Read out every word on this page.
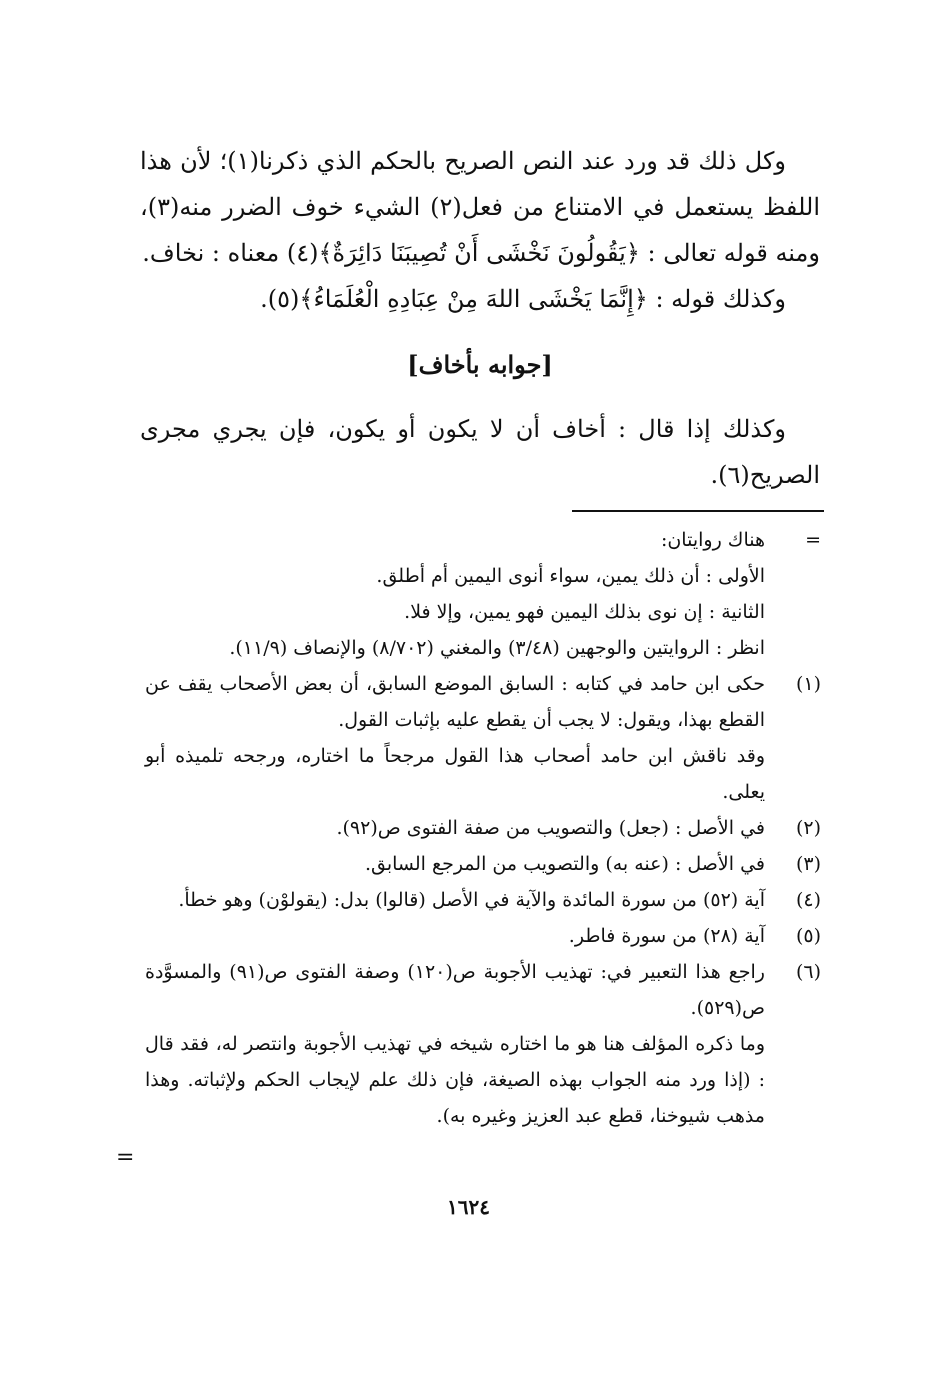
وكل ذلك قد ورد عند النص الصريح بالحكم الذي ذكرنا(١)؛ لأن هذا اللفظ يستعمل في الامتناع من فعل(٢) الشيء خوف الضرر منه(٣)، ومنه قوله تعالى : ﴿يَقُولُونَ نَخْشَى أَنْ تُصِيبَنَا دَائِرَةٌ﴾(٤) معناه : نخاف.

وكذلك قوله : ﴿إِنَّمَا يَخْشَى اللهَ مِنْ عِبَادِهِ الْعُلَمَاءُ﴾(٥).

[جوابه بأخاف]

وكذلك إذا قال : أخاف أن لا يكون أو يكون، فإن يجري مجرى الصريح(٦).

=

هناك روايتان:

الأولى : أن ذلك يمين، سواء أنوى اليمين أم أطلق.

الثانية : إن نوى بذلك اليمين فهو يمين، وإلا فلا.

انظر : الروايتين والوجهين (٣/٤٨) والمغني (٨/٧٠٢) والإنصاف (١١/٩).

(١)

حكى ابن حامد في كتابه : السابق الموضع السابق، أن بعض الأصحاب يقف عن القطع بهذا، ويقول: لا يجب أن يقطع عليه بإثبات القول.

وقد ناقش ابن حامد أصحاب هذا القول مرجحاً ما اختاره، ورجحه تلميذه أبو يعلى.

(٢)

في الأصل : (جعل) والتصويب من صفة الفتوى ص(٩٢).

(٣)

في الأصل : (عنه به) والتصويب من المرجع السابق.

(٤)

آية (٥٢) من سورة المائدة والآية في الأصل (قالوا) بدل: (يقولوْن) وهو خطأ.

(٥)

آية (٢٨) من سورة فاطر.

(٦)

راجع هذا التعبير في: تهذيب الأجوبة ص(١٢٠) وصفة الفتوى ص(٩١) والمسوَّدة ص(٥٢٩).

وما ذكره المؤلف هنا هو ما اختاره شيخه في تهذيب الأجوبة وانتصر له، فقد قال : (إذا ورد منه الجواب بهذه الصيغة، فإن ذلك علم لإيجاب الحكم ولإثباته. وهذا مذهب شيوخنا، قطع عبد العزيز وغيره به).

=
١٦٢٤
